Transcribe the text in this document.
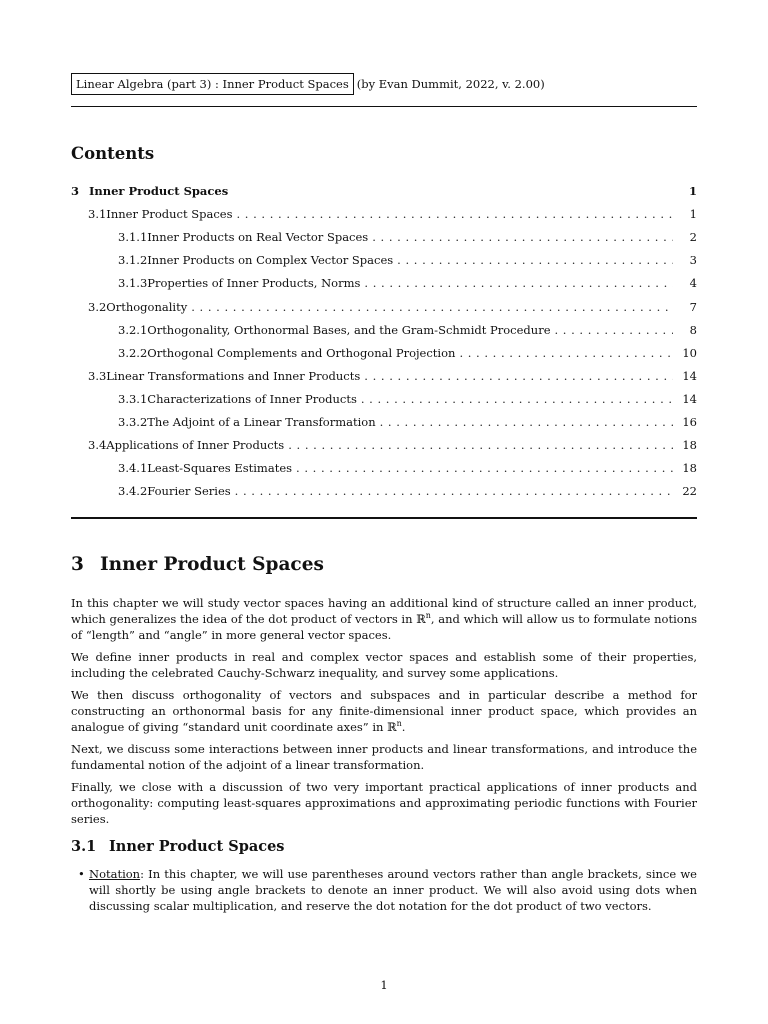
Linear Algebra (part 3) : Inner Product Spaces (by Evan Dummit, 2022, v. 2.00)
Contents
3 Inner Product Spaces	1
3.1 Inner Product Spaces . . .	1
3.1.1 Inner Products on Real Vector Spaces . . .	2
3.1.2 Inner Products on Complex Vector Spaces . . .	3
3.1.3 Properties of Inner Products, Norms . . .	4
3.2 Orthogonality . . .	7
3.2.1 Orthogonality, Orthonormal Bases, and the Gram-Schmidt Procedure . . .	8
3.2.2 Orthogonal Complements and Orthogonal Projection . . .	10
3.3 Linear Transformations and Inner Products . . .	14
3.3.1 Characterizations of Inner Products . . .	14
3.3.2 The Adjoint of a Linear Transformation . . .	16
3.4 Applications of Inner Products . . .	18
3.4.1 Least-Squares Estimates . . .	18
3.4.2 Fourier Series . . .	22
3 Inner Product Spaces
In this chapter we will study vector spaces having an additional kind of structure called an inner product, which generalizes the idea of the dot product of vectors in ℝ$^n$, and which will allow us to formulate notions of “length” and “angle” in more general vector spaces.
We define inner products in real and complex vector spaces and establish some of their properties, including the celebrated Cauchy-Schwarz inequality, and survey some applications.
We then discuss orthogonality of vectors and subspaces and in particular describe a method for constructing an orthonormal basis for any finite-dimensional inner product space, which provides an analogue of giving “standard unit coordinate axes” in ℝ$^n$.
Next, we discuss some interactions between inner products and linear transformations, and introduce the fundamental notion of the adjoint of a linear transformation.
Finally, we close with a discussion of two very important practical applications of inner products and orthogonality: computing least-squares approximations and approximating periodic functions with Fourier series.
3.1 Inner Product Spaces
• Notation: In this chapter, we will use parentheses around vectors rather than angle brackets, since we will shortly be using angle brackets to denote an inner product. We will also avoid using dots when discussing scalar multiplication, and reserve the dot notation for the dot product of two vectors.
1
